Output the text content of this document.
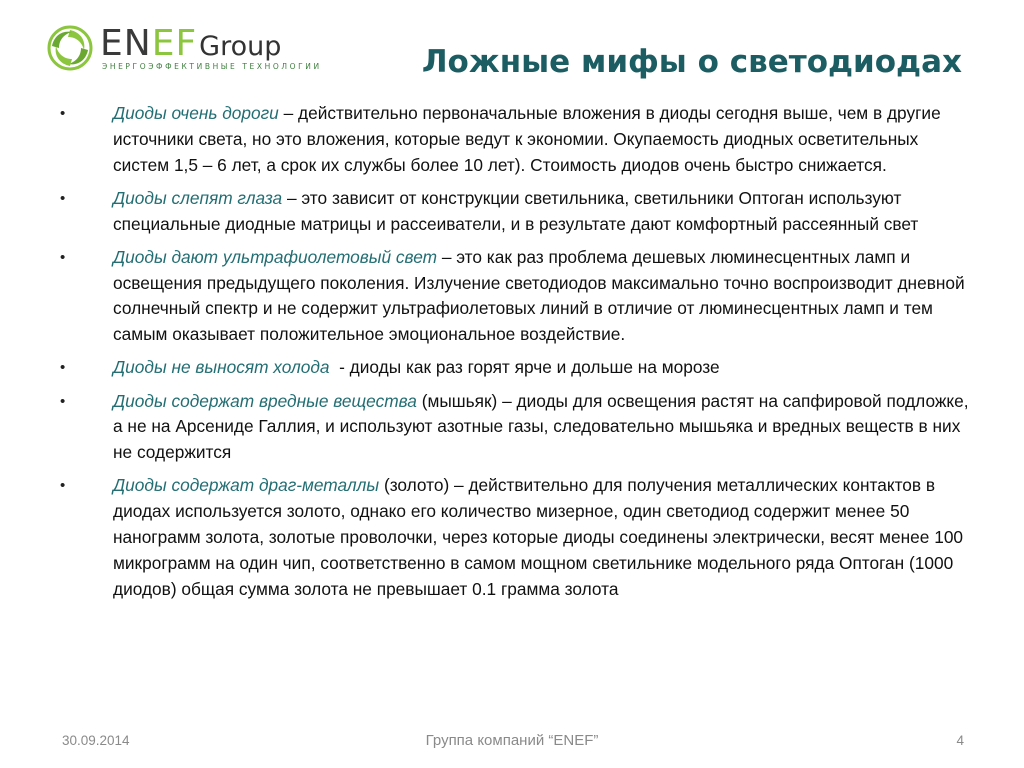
E N E F Group
ЭНЕРГОЭФФЕКТИВНЫЕ ТЕХНОЛОГИИ	Ложные мифы о светодиодах
•	Диоды очень дороги – действительно первоначальные вложения в диоды сегодня выше, чем в другие источники света, но это вложения, которые ведут к экономии. Окупаемость диодных осветительных систем 1,5 – 6 лет, а срок их службы более 10 лет). Стоимость диодов очень быстро снижается.
•	Диоды слепят глаза – это зависит от конструкции светильника, светильники Оптоган используют специальные диодные матрицы и рассеиватели, и в результате дают комфортный рассеянный свет
•	Диоды дают ультрафиолетовый свет – это как раз проблема дешевых люминесцентных ламп и освещения предыдущего поколения. Излучение светодиодов максимально точно воспроизводит дневной солнечный спектр и не содержит ультрафиолетовых линий в отличие от люминесцентных ламп и тем самым оказывает положительное эмоциональное воздействие.
•	Диоды не выносят холода  - диоды как раз горят ярче и дольше на морозе
•	Диоды содержат вредные вещества (мышьяк) – диоды для освещения растят на сапфировой подложке, а не на Арсениде Галлия, и используют азотные газы, следовательно мышьяка и вредных веществ в них не содержится
•	Диоды содержат драг-металлы (золото) – действительно для получения металлических контактов в диодах используется золото, однако его количество мизерное, один светодиод содержит менее 50 нанограмм золота, золотые проволочки, через которые диоды соединены электрически, весят менее 100 микрограмм на один чип, соответственно в самом мощном светильнике модельного ряда Оптоган (1000 диодов) общая сумма золота не превышает 0.1 грамма золота
30.09.2014	Группа компаний “ENEF”	4
